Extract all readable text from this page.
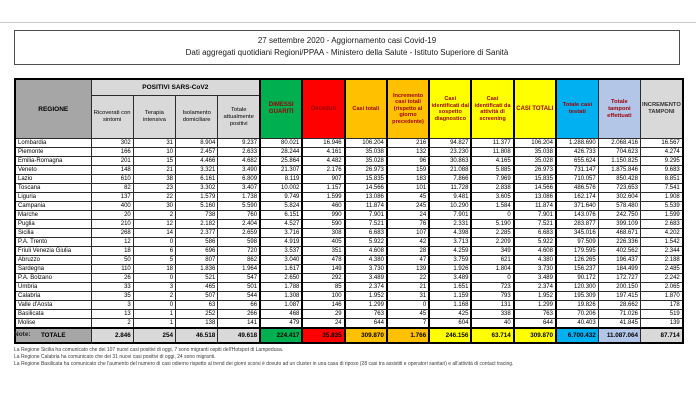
27 settembre 2020 - Aggiornamento casi Covid-19
Dati aggregati quotidiani Regioni/PPAA - Ministero della Salute - Istituto Superiore di Sanità
REGIONE	POSITIVI SARS-CoV2				DIMESSI GUARITI	Deceduti	Casi totali	Incremento casi totali (rispetto al giorno precedente)	Casi identificati dal sospetto diagnostico	Casi identificati da attività di screening	CASI TOTALI	Totale casi testati	Totale tamponi effettuati	INCREMENTO TAMPONI
	Ricoverati con sintomi	Terapia intensiva	Isolamento domiciliare	Totale attualmente positivi										
Lombardia	302	31	8.904	9.237	80.021	16.946	106.204	216	94.827	11.377	106.204	1.288.690	2.068.416	16.567
Piemonte	166	10	2.457	2.633	28.244	4.161	35.038	132	23.230	11.808	35.038	426.733	704.623	4.274
Emilia-Romagna	201	15	4.466	4.682	25.864	4.482	35.028	96	30.863	4.165	35.028	655.624	1.150.825	9.295
Veneto	148	21	3.321	3.490	21.307	2.176	26.973	159	21.088	5.885	26.973	731.147	1.875.846	9.683
Lazio	610	38	6.161	6.809	8.119	907	15.835	183	7.866	7.969	15.835	710.057	850.428	8.851
Toscana	82	23	3.302	3.407	10.002	1.157	14.566	101	11.728	2.838	14.566	486.576	723.653	7.541
Liguria	137	22	1.579	1.738	9.749	1.599	13.086	45	9.481	3.605	13.086	162.174	302.604	1.908
Campania	400	30	5.160	5.590	5.824	460	11.874	245	10.290	1.584	11.874	371.640	578.480	5.539
Marche	20	2	738	760	6.151	990	7.901	24	7.901	0	7.901	143.076	242.750	1.599
Puglia	210	12	2.182	2.404	4.527	590	7.521	76	2.331	5.190	7.521	283.877	399.109	2.683
Sicilia	268	14	2.377	2.659	3.716	308	6.683	107	4.398	2.285	6.683	345.016	468.671	4.202
P.A. Trento	12	0	586	598	4.919	405	5.922	42	3.713	2.209	5.922	97.509	226.336	1.542
Friuli Venezia Giulia	18	6	696	720	3.537	351	4.608	28	4.259	349	4.608	179.595	402.562	2.344
Abruzzo	50	5	807	862	3.040	478	4.380	47	3.759	621	4.380	126.265	196.437	2.188
Sardegna	110	18	1.836	1.964	1.617	149	3.730	139	1.926	1.804	3.730	156.237	184.499	2.485
P.A. Bolzano	26	0	521	547	2.650	292	3.489	22	3.489	0	3.489	90.172	172.727	2.242
Umbria	33	3	465	501	1.788	85	2.374	21	1.651	723	2.374	120.300	200.150	2.065
Calabria	35	2	507	544	1.308	100	1.952	31	1.159	793	1.952	195.309	197.415	1.870
Valle d'Aosta	3	0	63	66	1.087	146	1.299	0	1.168	131	1.299	19.826	28.662	178
Basilicata	13	1	252	266	468	29	763	45	425	338	763	70.206	71.026	519
Molise	2	1	138	141	479	24	644	7	604	40	644	40.403	41.845	139
TOTALE	2.846	254	46.518	49.618	224.417	35.835	309.870	1.766	246.156	63.714	309.870	6.700.432	11.087.064	87.714
Note:
La Regione Sicilia ha comunicato che dei 107 nuovi casi positivi di oggi, 7 sono migranti ospiti dell'Hotspot di Lampedusa.
La Regione Calabria ha comunicato che dei 31 nuovi casi positivi di oggi, 24 sono migranti.
La Regione Basilicata ha comunicato che l'aumento del numero di casi odierno rispetto al trend dei giorni scorsi è dovuto ad un cluster in una casa di riposo (28 casi tra assistiti e operatori sanitari) e all'attività di contact tracing.
